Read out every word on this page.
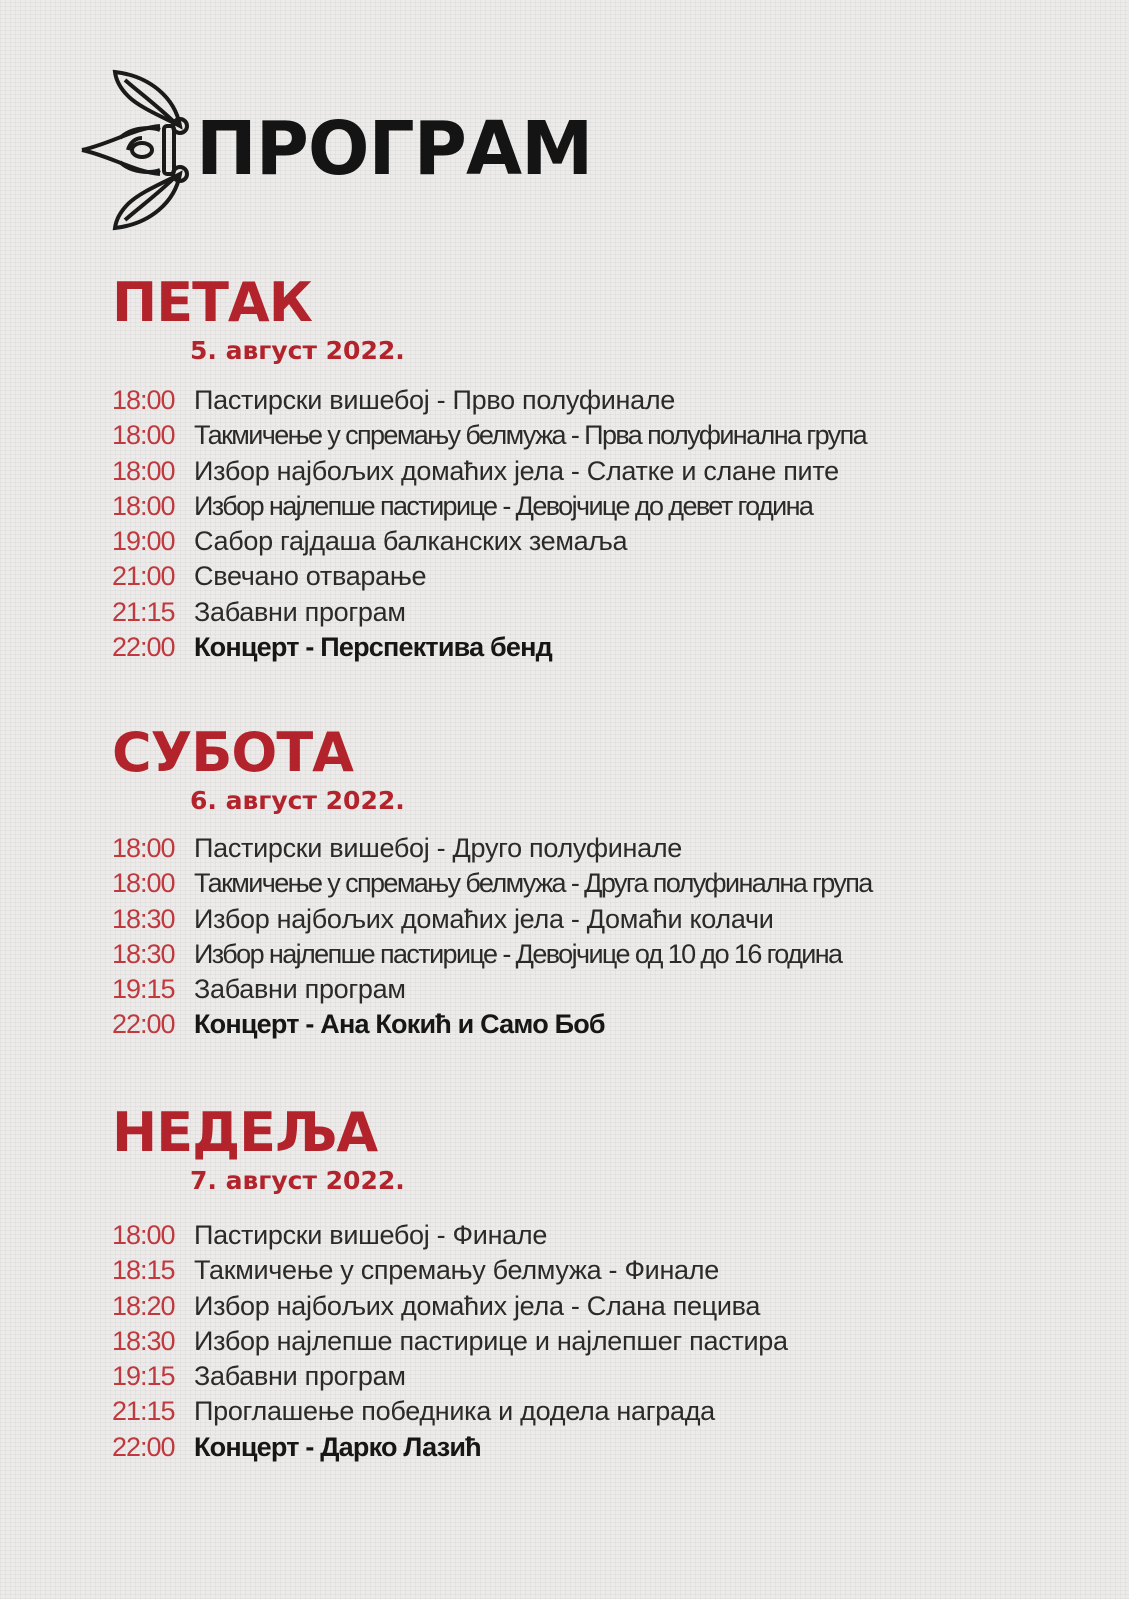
ПРОГРАМ
ПЕТАК
5. август 2022.
18:00 Пастирски вишебој - Прво полуфинале
18:00 Такмичење у спремању белмужа - Прва полуфинална група
18:00 Избор најбољих домаћих јела - Слатке и слане пите
18:00 Избор најлепше пастирице - Девојчице до девет година
19:00 Сабор гајдаша балканских земаља
21:00 Свечано отварање
21:15 Забавни програм
22:00 Концерт - Перспектива бенд
СУБОТА
6. август 2022.
18:00 Пастирски вишебој - Друго полуфинале
18:00 Такмичење у спремању белмужа - Друга полуфинална група
18:30 Избор најбољих домаћих јела - Домаћи колачи
18:30 Избор најлепше пастирице - Девојчице од 10 до 16 година
19:15 Забавни програм
22:00 Концерт - Ана Кокић и Само Боб
НЕДЕЉА
7. август 2022.
18:00 Пастирски вишебој - Финале
18:15 Такмичење у спремању белмужа - Финале
18:20 Избор најбољих домаћих јела - Слана пецива
18:30 Избор најлепше пастирице и најлепшег пастира
19:15 Забавни програм
21:15 Проглашење победника и додела награда
22:00 Концерт - Дарко Лазић
